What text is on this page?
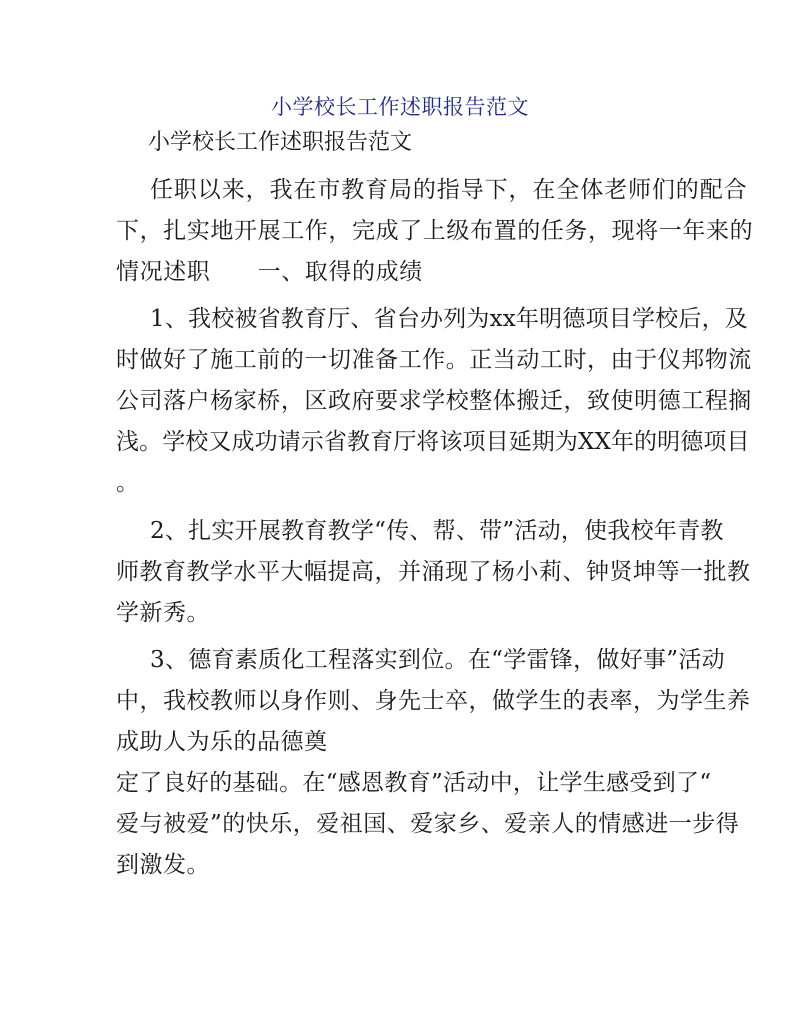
小学校长工作述职报告范文
小学校长工作述职报告范文
任职以来，我在市教育局的指导下，在全体老师们的配合
下，扎实地开展工作，完成了上级布置的任务，现将一年来的
情况述职　　一、取得的成绩
1、我校被省教育厅、省台办列为xx年明德项目学校后，及
时做好了施工前的一切准备工作。正当动工时，由于仪邦物流
公司落户杨家桥，区政府要求学校整体搬迁，致使明德工程搁
浅。学校又成功请示省教育厅将该项目延期为XX年的明德项目
。
2、扎实开展教育教学“传、帮、带”活动，使我校年青教
师教育教学水平大幅提高，并涌现了杨小莉、钟贤坤等一批教
学新秀。
3、德育素质化工程落实到位。在“学雷锋，做好事”活动
中，我校教师以身作则、身先士卒，做学生的表率，为学生养
成助人为乐的品德奠
定了良好的基础。在“感恩教育”活动中，让学生感受到了“
爱与被爱”的快乐，爱祖国、爱家乡、爱亲人的情感进一步得
到激发。
